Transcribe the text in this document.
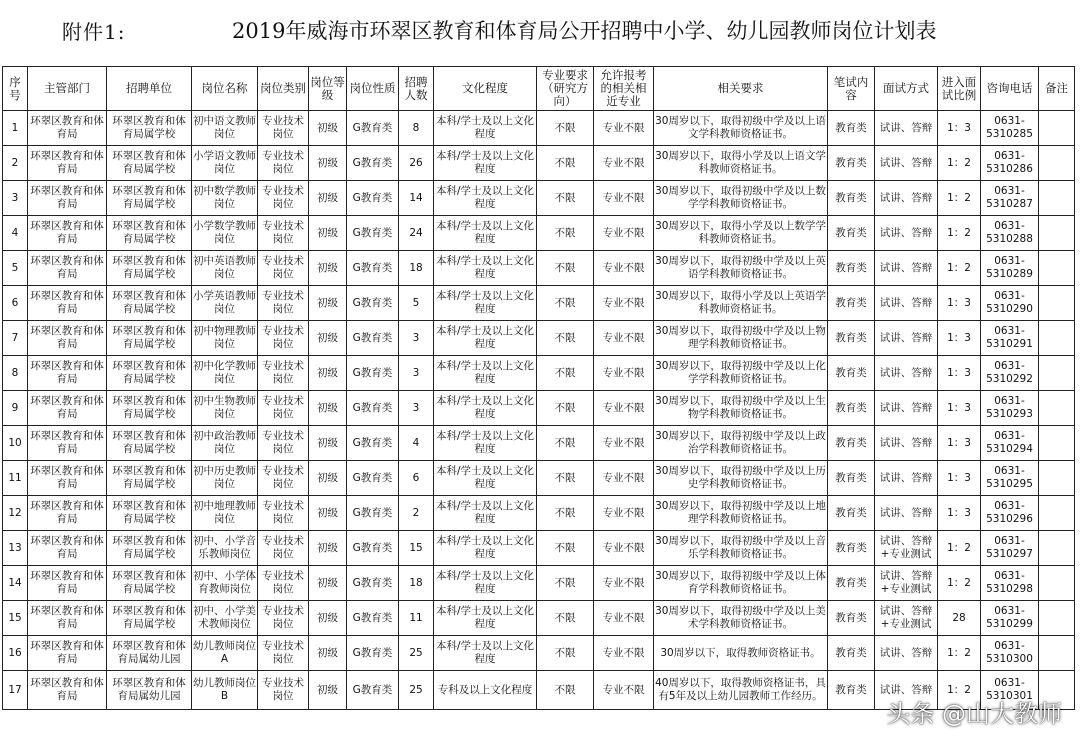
附件1:	2019年威海市环翠区教育和体育局公开招聘中小学、幼儿园教师岗位计划表
序号	主管部门	招聘单位	岗位名称	岗位类别	岗位等级	岗位性质	招聘人数	文化程度	专业要求（研究方向）	允许报考的相关相近专业	相关要求	笔试内容	面试方式	进入面试比例	咨询电话	备注
1	环翠区教育和体育局	环翠区教育和体育局属学校	初中语文教师岗位	专业技术岗位	初级	G教育类	8	本科/学士及以上文化程度	不限	专业不限	30周岁以下，取得初级中学及以上语文学科教师资格证书。	教育类	试讲、答辩	1：3	0631-5310285	
2	环翠区教育和体育局	环翠区教育和体育局属学校	小学语文教师岗位	专业技术岗位	初级	G教育类	26	本科/学士及以上文化程度	不限	专业不限	30周岁以下，取得小学及以上语文学科教师资格证书。	教育类	试讲、答辩	1：2	0631-5310286	
3	环翠区教育和体育局	环翠区教育和体育局属学校	初中数学教师岗位	专业技术岗位	初级	G教育类	14	本科/学士及以上文化程度	不限	专业不限	30周岁以下，取得初级中学及以上数学学科教师资格证书。	教育类	试讲、答辩	1：2	0631-5310287	
4	环翠区教育和体育局	环翠区教育和体育局属学校	小学数学教师岗位	专业技术岗位	初级	G教育类	24	本科/学士及以上文化程度	不限	专业不限	30周岁以下，取得小学及以上数学学科教师资格证书。	教育类	试讲、答辩	1：2	0631-5310288	
5	环翠区教育和体育局	环翠区教育和体育局属学校	初中英语教师岗位	专业技术岗位	初级	G教育类	18	本科/学士及以上文化程度	不限	专业不限	30周岁以下，取得初级中学及以上英语学科教师资格证书。	教育类	试讲、答辩	1：2	0631-5310289	
6	环翠区教育和体育局	环翠区教育和体育局属学校	小学英语教师岗位	专业技术岗位	初级	G教育类	5	本科/学士及以上文化程度	不限	专业不限	30周岁以下，取得小学及以上英语学科教师资格证书。	教育类	试讲、答辩	1：3	0631-5310290	
7	环翠区教育和体育局	环翠区教育和体育局属学校	初中物理教师岗位	专业技术岗位	初级	G教育类	3	本科/学士及以上文化程度	不限	专业不限	30周岁以下，取得初级中学及以上物理学科教师资格证书。	教育类	试讲、答辩	1：3	0631-5310291	
8	环翠区教育和体育局	环翠区教育和体育局属学校	初中化学教师岗位	专业技术岗位	初级	G教育类	3	本科/学士及以上文化程度	不限	专业不限	30周岁以下，取得初级中学及以上化学学科教师资格证书。	教育类	试讲、答辩	1：3	0631-5310292	
9	环翠区教育和体育局	环翠区教育和体育局属学校	初中生物教师岗位	专业技术岗位	初级	G教育类	3	本科/学士及以上文化程度	不限	专业不限	30周岁以下，取得初级中学及以上生物学科教师资格证书。	教育类	试讲、答辩	1：3	0631-5310293	
10	环翠区教育和体育局	环翠区教育和体育局属学校	初中政治教师岗位	专业技术岗位	初级	G教育类	4	本科/学士及以上文化程度	不限	专业不限	30周岁以下，取得初级中学及以上政治学科教师资格证书。	教育类	试讲、答辩	1：3	0631-5310294	
11	环翠区教育和体育局	环翠区教育和体育局属学校	初中历史教师岗位	专业技术岗位	初级	G教育类	6	本科/学士及以上文化程度	不限	专业不限	30周岁以下，取得初级中学及以上历史学科教师资格证书。	教育类	试讲、答辩	1：3	0631-5310295	
12	环翠区教育和体育局	环翠区教育和体育局属学校	初中地理教师岗位	专业技术岗位	初级	G教育类	2	本科/学士及以上文化程度	不限	专业不限	30周岁以下，取得初级中学及以上地理学科教师资格证书。	教育类	试讲、答辩	1：3	0631-5310296	
13	环翠区教育和体育局	环翠区教育和体育局属学校	初中、小学音乐教师岗位	专业技术岗位	初级	G教育类	15	本科/学士及以上文化程度	不限	专业不限	30周岁以下，取得初级中学及以上音乐学科教师资格证书。	教育类	试讲、答辩+专业测试	1：2	0631-5310297	
14	环翠区教育和体育局	环翠区教育和体育局属学校	初中、小学体育教师岗位	专业技术岗位	初级	G教育类	18	本科/学士及以上文化程度	不限	专业不限	30周岁以下，取得初级中学及以上体育学科教师资格证书。	教育类	试讲、答辩+专业测试	1：2	0631-5310298	
15	环翠区教育和体育局	环翠区教育和体育局属学校	初中、小学美术教师岗位	专业技术岗位	初级	G教育类	11	本科/学士及以上文化程度	不限	专业不限	30周岁以下，取得初级中学及以上美术学科教师资格证书。	教育类	试讲、答辩+专业测试	28	0631-5310299	
16	环翠区教育和体育局	环翠区教育和体育局属幼儿园	幼儿教师岗位A	专业技术岗位	初级	G教育类	25	本科/学士及以上文化程度	不限	专业不限	30周岁以下，取得教师资格证书。	教育类	试讲、答辩	1：2	0631-5310300	
17	环翠区教育和体育局	环翠区教育和体育局属幼儿园	幼儿教师岗位B	专业技术岗位	初级	G教育类	25	专科及以上文化程度	不限	专业不限	40周岁以下，取得教师资格证书，具有5年及以上幼儿园教师工作经历。	教育类	试讲、答辩	1：2	0631-5310301	
头条 @山大教师
